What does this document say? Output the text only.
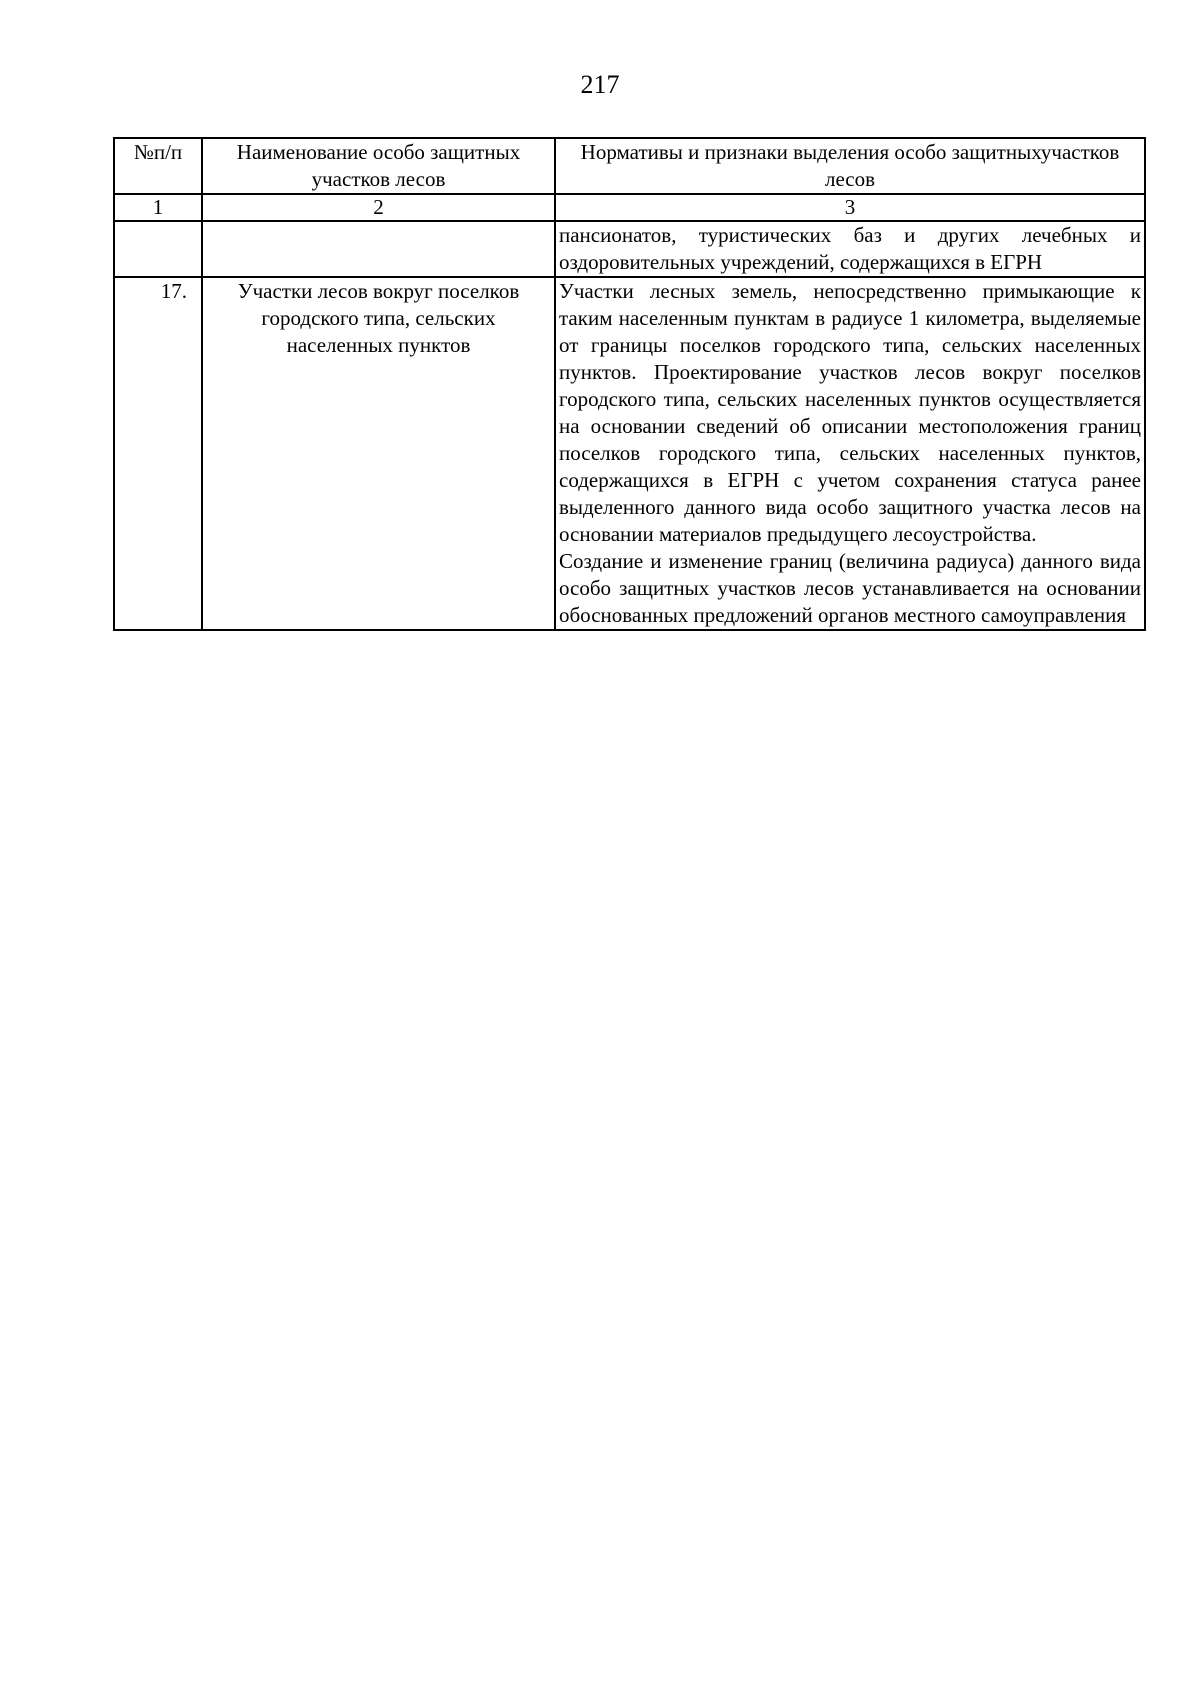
217
№п/п	Наименование особо защитных участков лесов	Нормативы и признаки выделения особо защитныхучастков лесов
1	2	3

		пансионатов, туристических баз и других лечебных и оздоровительных учреждений, содержащихся в ЕГРН

17.	Участки лесов вокруг поселков городского типа, сельских населенных пунктов	Участки лесных земель, непосредственно примыкающие к таким населенным пунктам в радиусе 1 километра, выделяемые от границы поселков городского типа, сельских населенных пунктов. Проектирование участков лесов вокруг поселков городского типа, сельских населенных пунктов осуществляется на основании сведений об описании местоположения границ поселков городского типа, сельских населенных пунктов, содержащихся в ЕГРН с учетом сохранения статуса ранее выделенного данного вида особо защитного участка лесов на основании материалов предыдущего лесоустройства.
Создание и изменение границ (величина радиуса) данного вида особо защитных участков лесов устанавливается на основании обоснованных предложений органов местного самоуправления
